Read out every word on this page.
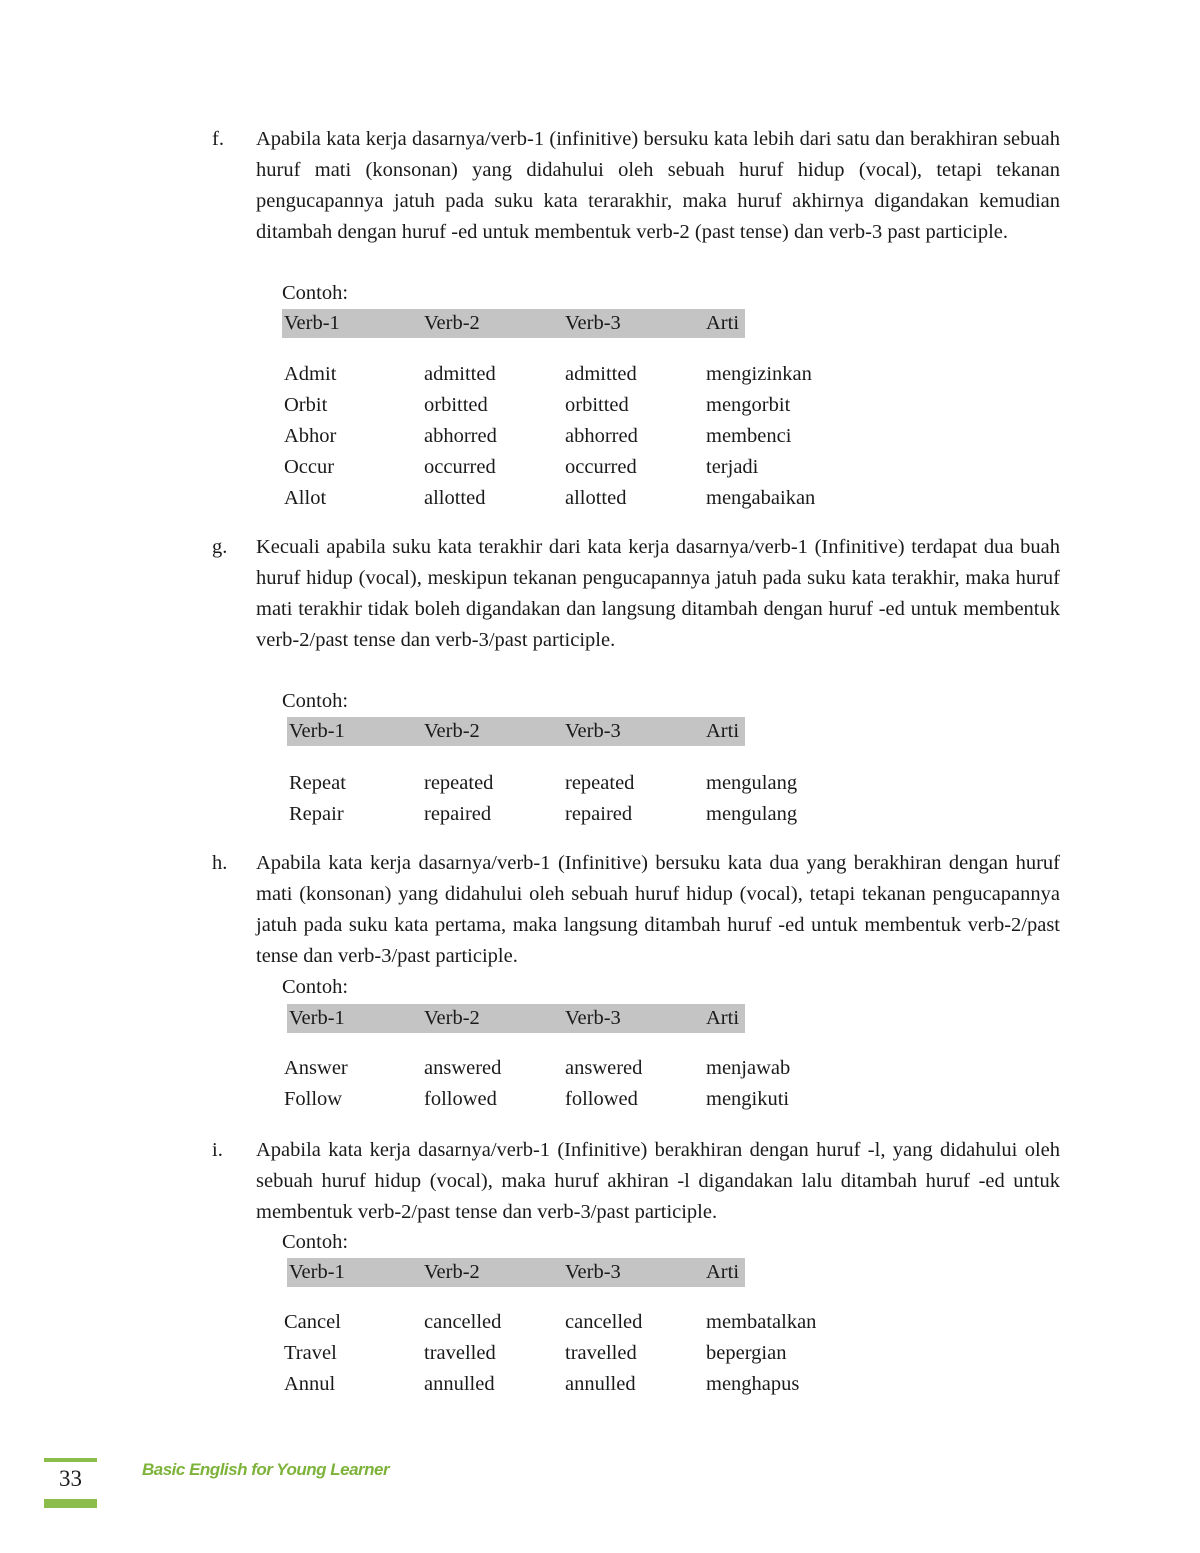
f. Apabila kata kerja dasarnya/verb-1 (infinitive) bersuku kata lebih dari satu dan berakhiran sebuah huruf mati (konsonan) yang didahului oleh sebuah huruf hidup (vocal), tetapi tekanan pengucapannya jatuh pada suku kata terarakhir, maka huruf akhirnya digandakan kemudian ditambah dengan huruf -ed untuk membentuk verb-2 (past tense) dan verb-3 past participle.

Contoh:
Verb-1	Verb-2	Verb-3	Arti
Admit	admitted	admitted	mengizinkan
Orbit	orbitted	orbitted	mengorbit
Abhor	abhorred	abhorred	membenci
Occur	occurred	occurred	terjadi
Allot	allotted	allotted	mengabaikan
g. Kecuali apabila suku kata terakhir dari kata kerja dasarnya/verb-1 (Infinitive) terdapat dua buah huruf hidup (vocal), meskipun tekanan pengucapannya jatuh pada suku kata terakhir, maka huruf mati terakhir tidak boleh digandakan dan langsung ditambah dengan huruf -ed untuk membentuk verb-2/past tense dan verb-3/past participle.

Contoh:
Verb-1	Verb-2	Verb-3	Arti
Repeat	repeated	repeated	mengulang
Repair	repaired	repaired	mengulang
h. Apabila kata kerja dasarnya/verb-1 (Infinitive) bersuku kata dua yang berakhiran dengan huruf mati (konsonan) yang didahului oleh sebuah huruf hidup (vocal), tetapi tekanan pengucapannya jatuh pada suku kata pertama, maka langsung ditambah huruf -ed untuk membentuk verb-2/past tense dan verb-3/past participle.

Contoh:
Verb-1	Verb-2	Verb-3	Arti
Answer	answered	answered	menjawab
Follow	followed	followed	mengikuti
i. Apabila kata kerja dasarnya/verb-1 (Infinitive) berakhiran dengan huruf -l, yang didahului oleh sebuah huruf hidup (vocal), maka huruf akhiran -l digandakan lalu ditambah huruf -ed untuk membentuk verb-2/past tense dan verb-3/past participle.

Contoh:
Verb-1	Verb-2	Verb-3	Arti
Cancel	cancelled	cancelled	membatalkan
Travel	travelled	travelled	bepergian
Annul	annulled	annulled	menghapus
33	Basic English for Young Learner
